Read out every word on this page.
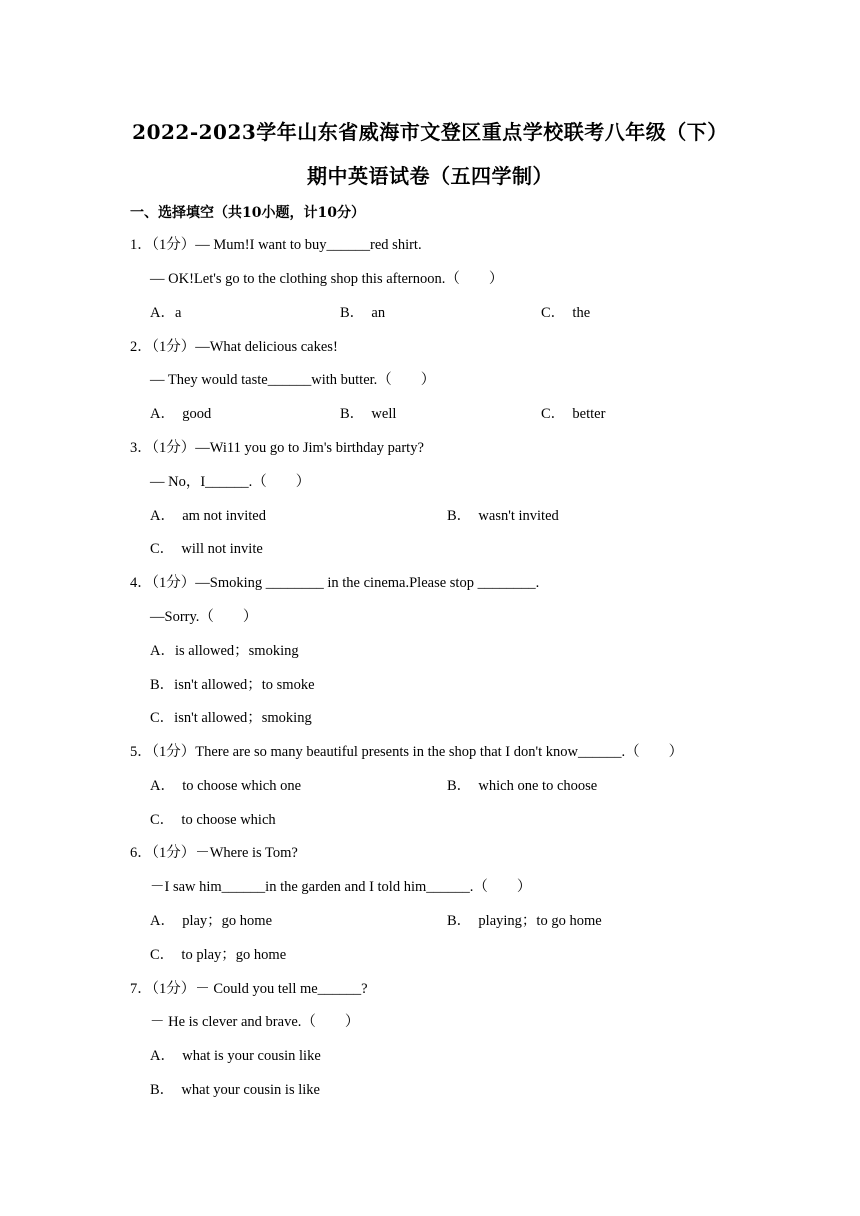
2022-2023学年山东省威海市文登区重点学校联考八年级（下）
期中英语试卷（五四学制）
一、选择填空（共10小题，计10分）
1．（1分）— Mum!I want to buy______red shirt.
— OK!Let's go to the clothing shop this afternoon.（　　）
A．a	B．  an	C．  the
2．（1分）—What delicious cakes!
— They would taste______with butter.（　　）
A．  good	B．  well	C．  better
3．（1分）—Wi11 you go to Jim's birthday party?
— No，I______.（　　）
A．  am not invited	B．  wasn't invited
C．  will not invite
4．（1分）—Smoking ________ in the cinema.Please stop ________.
—Sorry.（　　）
A．is allowed；smoking
B．isn't allowed；to smoke
C．isn't allowed；smoking
5．（1分）There are so many beautiful presents in the shop that I don't know______.（　　）
A．  to choose which one	B．  which one to choose
C．  to choose which
6．（1分）－Where is Tom?
－I saw him______in the garden and I told him______.（　　）
A．  play；go home	B．  playing；to go home
C．  to play；go home
7．（1分）－ Could you tell me______?
－ He is clever and brave.（　　）
A．  what is your cousin like
B．  what your cousin is like
